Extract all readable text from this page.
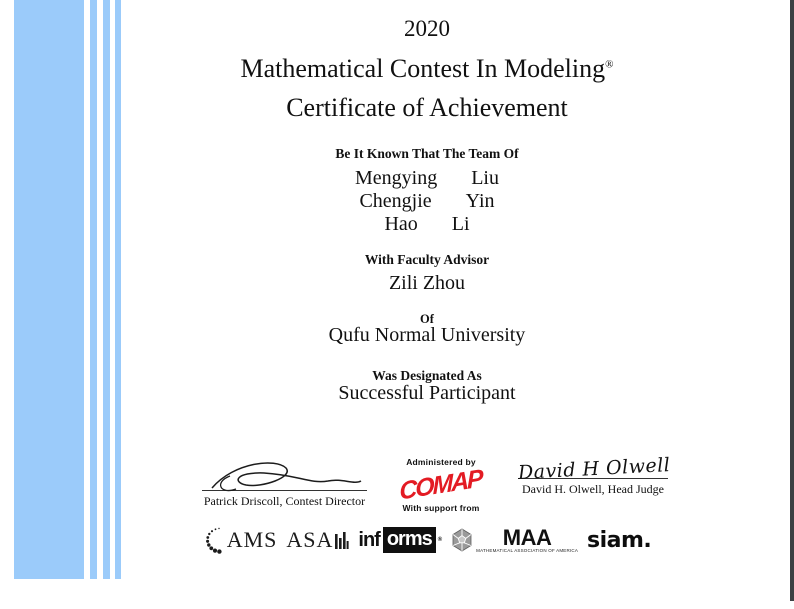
2020
Mathematical Contest In Modeling®
Certificate of Achievement
Be It Known That The Team Of
Mengying Liu
Chengjie Yin
Hao Li
With Faculty Advisor
Zili Zhou
Of
Qufu Normal University
Was Designated As
Successful Participant
Patrick Driscoll, Contest Director
Administered by
COMAP
With support from
David H Olwell
David H. Olwell, Head Judge
AMS ASA inf orms	®	MAA
MATHEMATICAL ASSOCIATION OF AMERICA siam.
